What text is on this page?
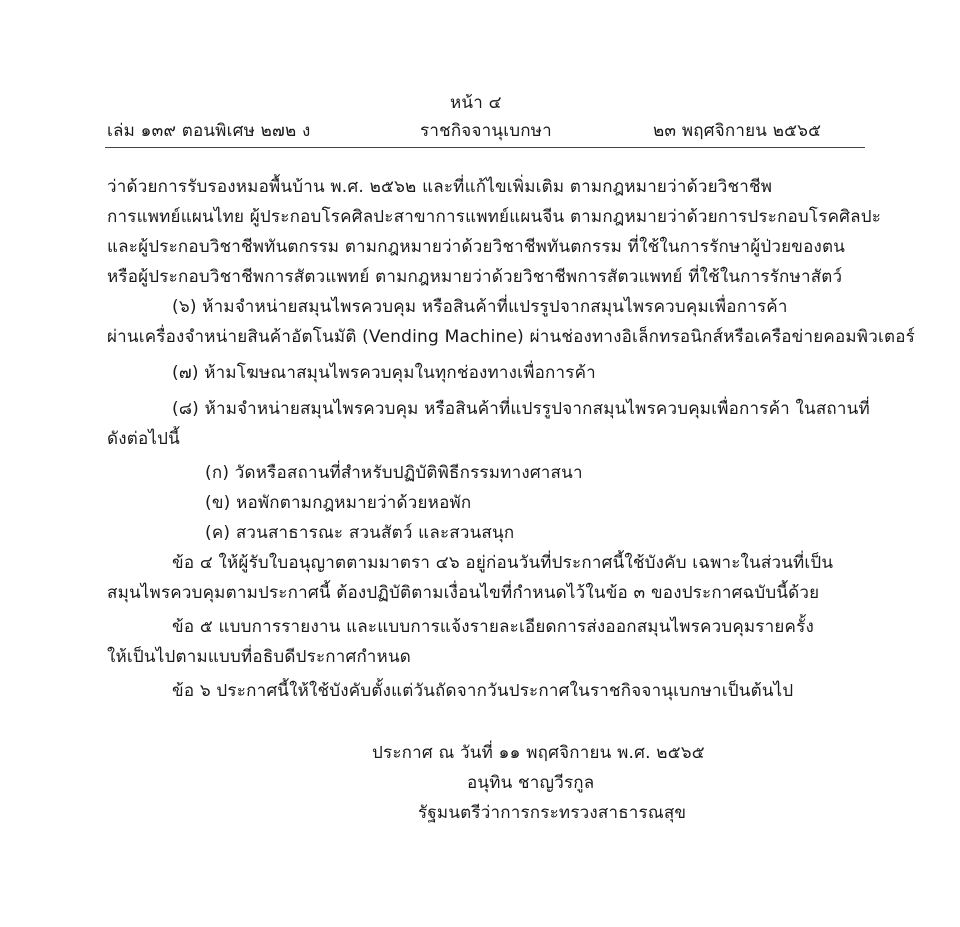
หน้า ๔
เล่ม ๑๓๙ ตอนพิเศษ ๒๗๒ ง	ราชกิจจานุเบกษา	๒๓ พฤศจิกายน ๒๕๖๕
ว่าด้วยการรับรองหมอพื้นบ้าน พ.ศ. ๒๕๖๒ และที่แก้ไขเพิ่มเติม ตามกฎหมายว่าด้วยวิชาชีพ
การแพทย์แผนไทย ผู้ประกอบโรคศิลปะสาขาการแพทย์แผนจีน ตามกฎหมายว่าด้วยการประกอบโรคศิลปะ
และผู้ประกอบวิชาชีพทันตกรรม ตามกฎหมายว่าด้วยวิชาชีพทันตกรรม ที่ใช้ในการรักษาผู้ป่วยของตน
หรือผู้ประกอบวิชาชีพการสัตวแพทย์ ตามกฎหมายว่าด้วยวิชาชีพการสัตวแพทย์ ที่ใช้ในการรักษาสัตว์
(๖) ห้ามจำหน่ายสมุนไพรควบคุม หรือสินค้าที่แปรรูปจากสมุนไพรควบคุมเพื่อการค้า
ผ่านเครื่องจำหน่ายสินค้าอัตโนมัติ (Vending Machine) ผ่านช่องทางอิเล็กทรอนิกส์หรือเครือข่ายคอมพิวเตอร์
(๗) ห้ามโฆษณาสมุนไพรควบคุมในทุกช่องทางเพื่อการค้า
(๘) ห้ามจำหน่ายสมุนไพรควบคุม หรือสินค้าที่แปรรูปจากสมุนไพรควบคุมเพื่อการค้า ในสถานที่
ดังต่อไปนี้
(ก) วัดหรือสถานที่สำหรับปฏิบัติพิธีกรรมทางศาสนา
(ข) หอพักตามกฎหมายว่าด้วยหอพัก
(ค) สวนสาธารณะ สวนสัตว์ และสวนสนุก
ข้อ ๔ ให้ผู้รับใบอนุญาตตามมาตรา ๔๖ อยู่ก่อนวันที่ประกาศนี้ใช้บังคับ เฉพาะในส่วนที่เป็น
สมุนไพรควบคุมตามประกาศนี้ ต้องปฏิบัติตามเงื่อนไขที่กำหนดไว้ในข้อ ๓ ของประกาศฉบับนี้ด้วย
ข้อ ๕ แบบการรายงาน และแบบการแจ้งรายละเอียดการส่งออกสมุนไพรควบคุมรายครั้ง
ให้เป็นไปตามแบบที่อธิบดีประกาศกำหนด
ข้อ ๖ ประกาศนี้ให้ใช้บังคับตั้งแต่วันถัดจากวันประกาศในราชกิจจานุเบกษาเป็นต้นไป
ประกาศ ณ วันที่ ๑๑ พฤศจิกายน พ.ศ. ๒๕๖๕
อนุทิน ชาญวีรกูล
รัฐมนตรีว่าการกระทรวงสาธารณสุข
